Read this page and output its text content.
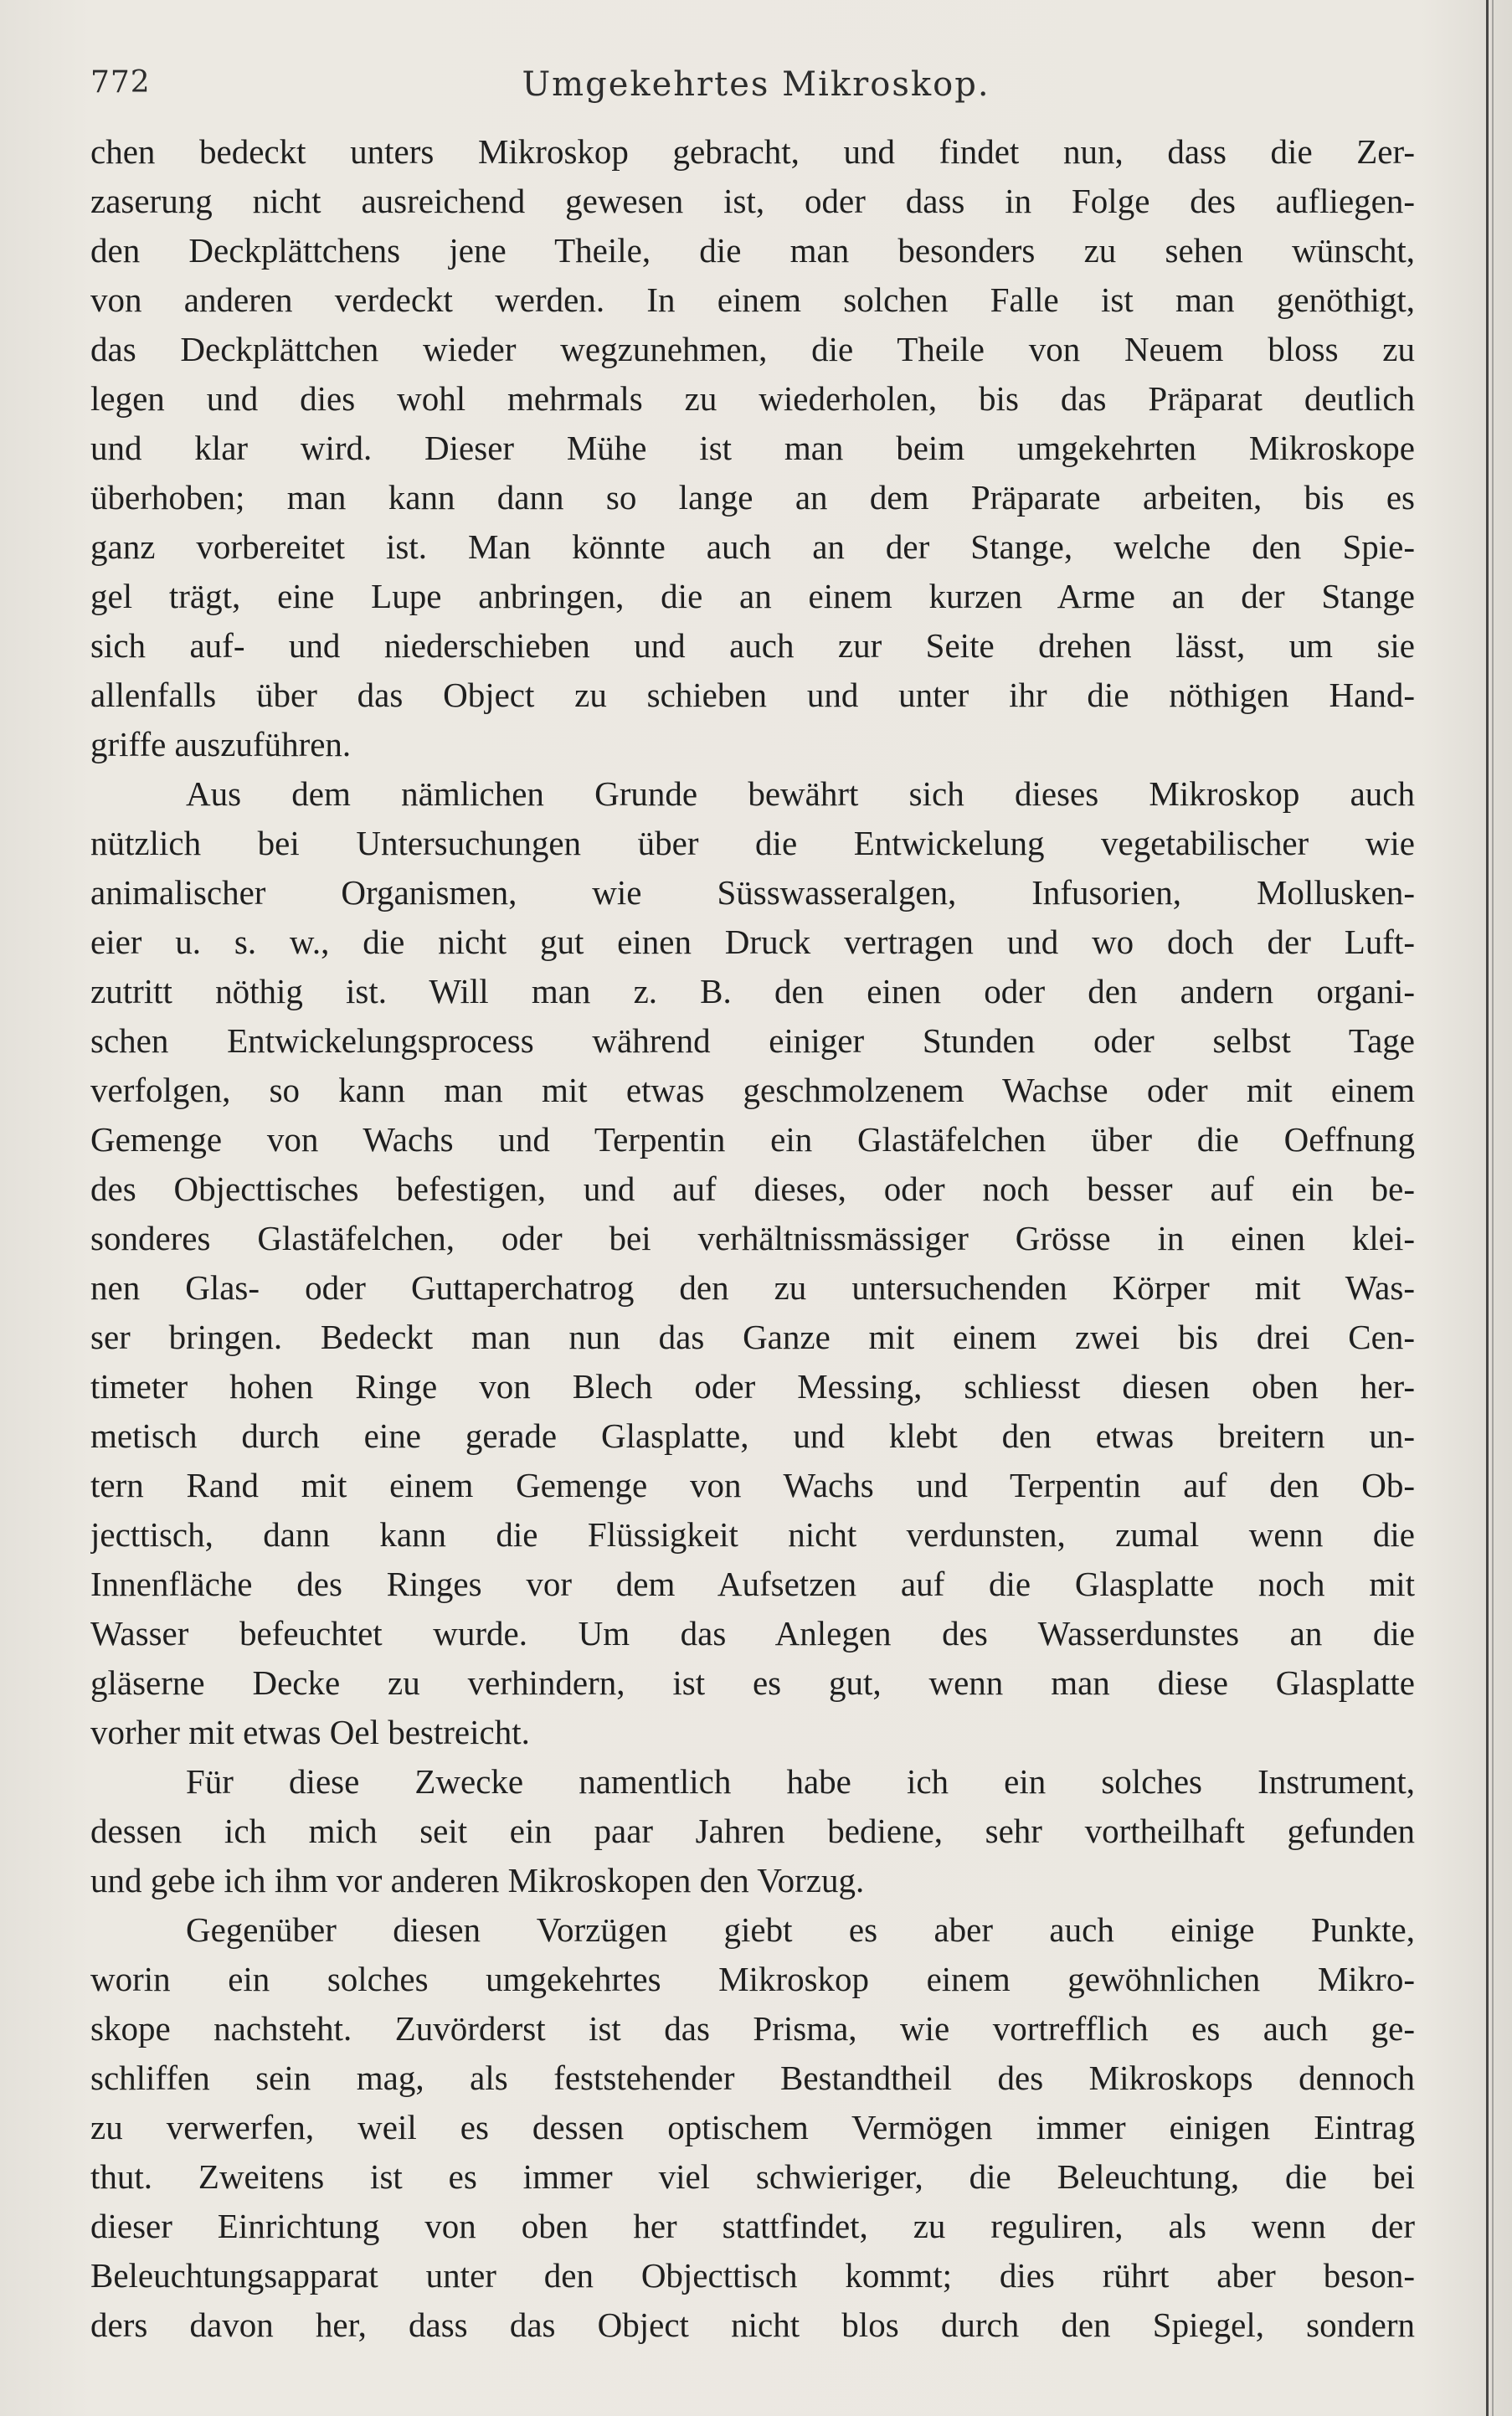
772	Umgekehrtes Mikroskop.
chen bedeckt unters Mikroskop gebracht, und findet nun, dass die Zer-
zaserung nicht ausreichend gewesen ist, oder dass in Folge des aufliegen-
den Deckplättchens jene Theile, die man besonders zu sehen wünscht,
von anderen verdeckt werden. In einem solchen Falle ist man genöthigt,
das Deckplättchen wieder wegzunehmen, die Theile von Neuem bloss zu
legen und dies wohl mehrmals zu wiederholen, bis das Präparat deutlich
und klar wird. Dieser Mühe ist man beim umgekehrten Mikroskope
überhoben; man kann dann so lange an dem Präparate arbeiten, bis es
ganz vorbereitet ist. Man könnte auch an der Stange, welche den Spie-
gel trägt, eine Lupe anbringen, die an einem kurzen Arme an der Stange
sich auf- und niederschieben und auch zur Seite drehen lässt, um sie
allenfalls über das Object zu schieben und unter ihr die nöthigen Hand-
griffe auszuführen.
Aus dem nämlichen Grunde bewährt sich dieses Mikroskop auch
nützlich bei Untersuchungen über die Entwickelung vegetabilischer wie
animalischer Organismen, wie Süsswasseralgen, Infusorien, Mollusken-
eier u. s. w., die nicht gut einen Druck vertragen und wo doch der Luft-
zutritt nöthig ist. Will man z. B. den einen oder den andern organi-
schen Entwickelungsprocess während einiger Stunden oder selbst Tage
verfolgen, so kann man mit etwas geschmolzenem Wachse oder mit einem
Gemenge von Wachs und Terpentin ein Glastäfelchen über die Oeffnung
des Objecttisches befestigen, und auf dieses, oder noch besser auf ein be-
sonderes Glastäfelchen, oder bei verhältnissmässiger Grösse in einen klei-
nen Glas- oder Guttaperchatrog den zu untersuchenden Körper mit Was-
ser bringen. Bedeckt man nun das Ganze mit einem zwei bis drei Cen-
timeter hohen Ringe von Blech oder Messing, schliesst diesen oben her-
metisch durch eine gerade Glasplatte, und klebt den etwas breitern un-
tern Rand mit einem Gemenge von Wachs und Terpentin auf den Ob-
jecttisch, dann kann die Flüssigkeit nicht verdunsten, zumal wenn die
Innenfläche des Ringes vor dem Aufsetzen auf die Glasplatte noch mit
Wasser befeuchtet wurde. Um das Anlegen des Wasserdunstes an die
gläserne Decke zu verhindern, ist es gut, wenn man diese Glasplatte
vorher mit etwas Oel bestreicht.
Für diese Zwecke namentlich habe ich ein solches Instrument,
dessen ich mich seit ein paar Jahren bediene, sehr vortheilhaft gefunden
und gebe ich ihm vor anderen Mikroskopen den Vorzug.
Gegenüber diesen Vorzügen giebt es aber auch einige Punkte,
worin ein solches umgekehrtes Mikroskop einem gewöhnlichen Mikro-
skope nachsteht. Zuvörderst ist das Prisma, wie vortrefflich es auch ge-
schliffen sein mag, als feststehender Bestandtheil des Mikroskops dennoch
zu verwerfen, weil es dessen optischem Vermögen immer einigen Eintrag
thut. Zweitens ist es immer viel schwieriger, die Beleuchtung, die bei
dieser Einrichtung von oben her stattfindet, zu reguliren, als wenn der
Beleuchtungsapparat unter den Objecttisch kommt; dies rührt aber beson-
ders davon her, dass das Object nicht blos durch den Spiegel, sondern
